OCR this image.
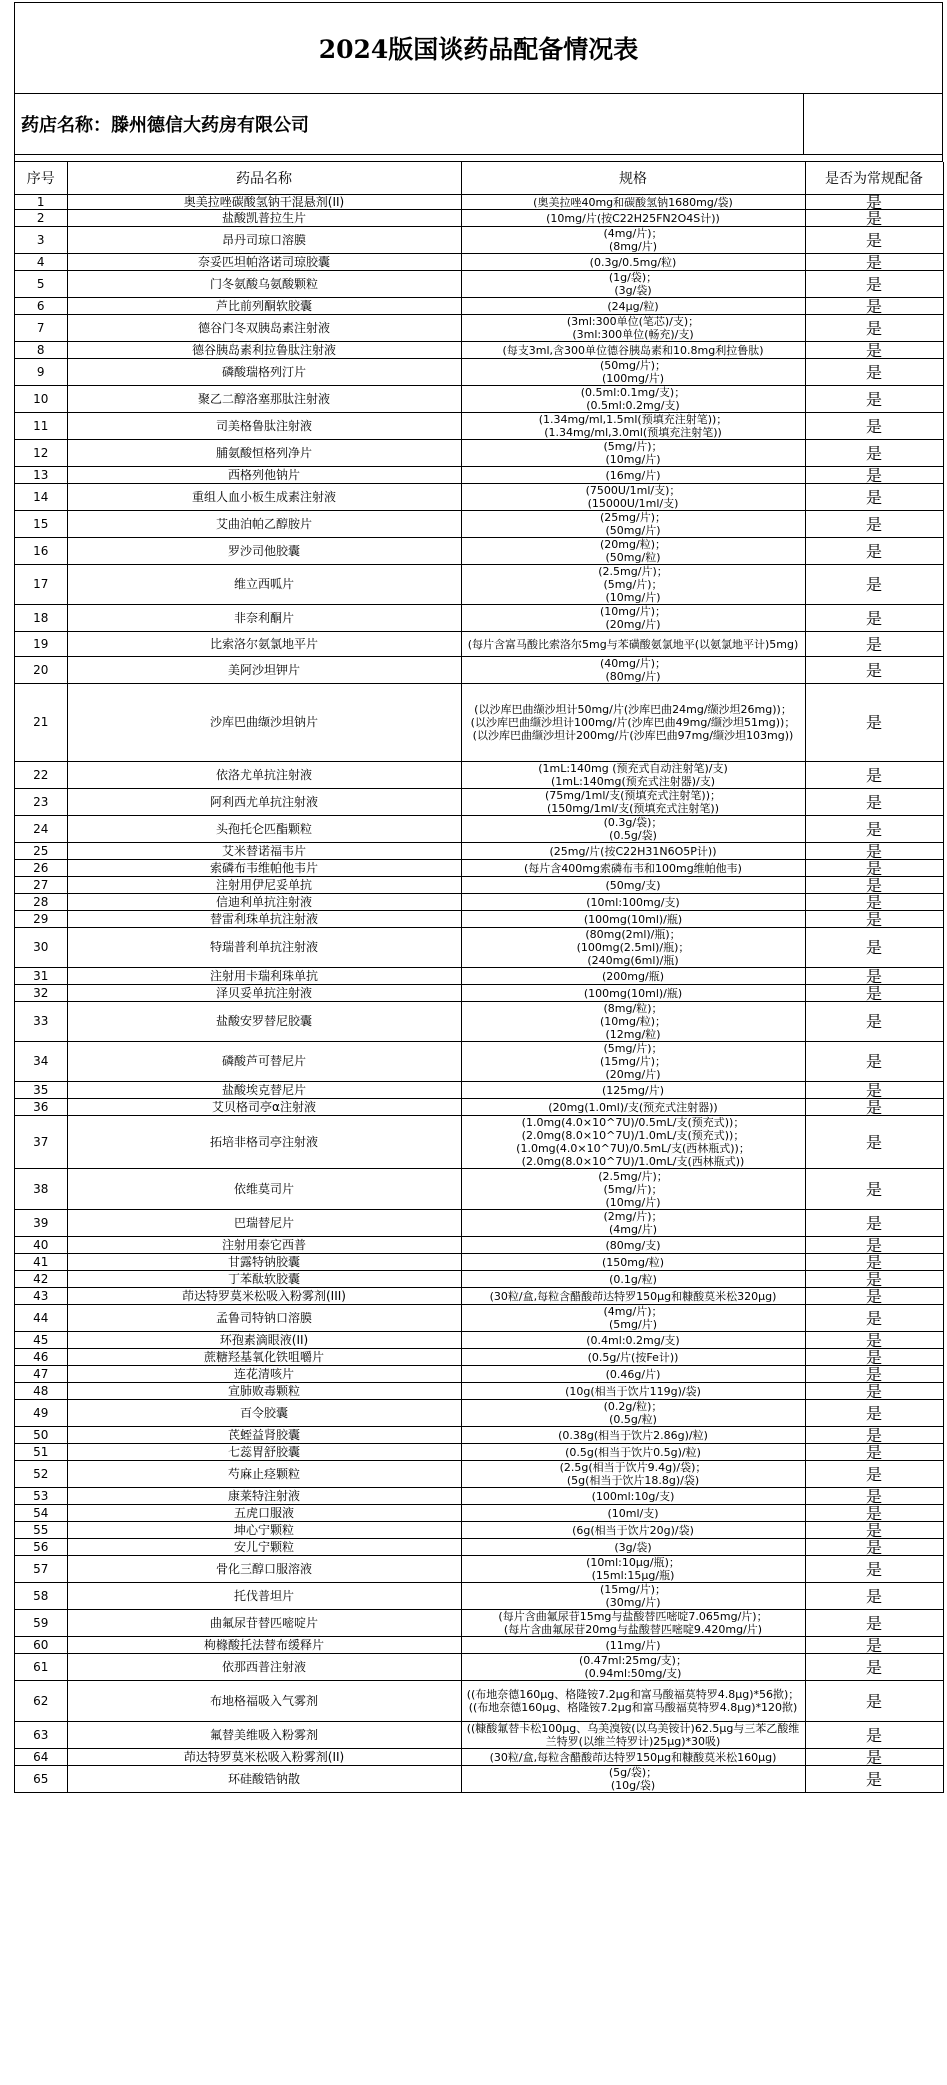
2024版国谈药品配备情况表
药店名称： 滕州德信大药房有限公司
序号	药品名称	规格	是否为常规配备
1	奥美拉唑碳酸氢钠干混悬剂(II)	(奥美拉唑40mg和碳酸氢钠1680mg/袋)	是
2	盐酸凯普拉生片	(10mg/片(按C22H25FN2O4S计))	是
3	昂丹司琼口溶膜	(4mg/片)；
(8mg/片)	是
4	奈妥匹坦帕洛诺司琼胶囊	(0.3g/0.5mg/粒)	是
5	门冬氨酸乌氨酸颗粒	(1g/袋)；
(3g/袋)	是
6	芦比前列酮软胶囊	(24μg/粒)	是
7	德谷门冬双胰岛素注射液	(3ml:300单位(笔芯)/支)；
(3ml:300单位(畅充)/支)	是
8	德谷胰岛素利拉鲁肽注射液	(每支3ml,含300单位德谷胰岛素和10.8mg利拉鲁肽)	是
9	磷酸瑞格列汀片	(50mg/片)；
(100mg/片)	是
10	聚乙二醇洛塞那肽注射液	(0.5ml:0.1mg/支)；
(0.5ml:0.2mg/支)	是
11	司美格鲁肽注射液	(1.34mg/ml,1.5ml(预填充注射笔))；
(1.34mg/ml,3.0ml(预填充注射笔))	是
12	脯氨酸恒格列净片	(5mg/片)；
(10mg/片)	是
13	西格列他钠片	(16mg/片)	是
14	重组人血小板生成素注射液	(7500U/1ml/支)；
(15000U/1ml/支)	是
15	艾曲泊帕乙醇胺片	(25mg/片)；
(50mg/片)	是
16	罗沙司他胶囊	(20mg/粒)；
(50mg/粒)	是
17	维立西呱片	(2.5mg/片)；
(5mg/片)；
(10mg/片)	是
18	非奈利酮片	(10mg/片)；
(20mg/片)	是
19	比索洛尔氨氯地平片	(每片含富马酸比索洛尔5mg与苯磺酸氨氯地平(以氨氯地平计)5mg)	是
20	美阿沙坦钾片	(40mg/片)；
(80mg/片)	是
21	沙库巴曲缬沙坦钠片	(以沙库巴曲缬沙坦计50mg/片(沙库巴曲24mg/缬沙坦26mg))；
(以沙库巴曲缬沙坦计100mg/片(沙库巴曲49mg/缬沙坦51mg))；
(以沙库巴曲缬沙坦计200mg/片(沙库巴曲97mg/缬沙坦103mg))	是
22	依洛尤单抗注射液	(1mL:140mg (预充式自动注射笔)/支)
(1mL:140mg(预充式注射器)/支)	是
23	阿利西尤单抗注射液	(75mg/1ml/支(预填充式注射笔))；
(150mg/1ml/支(预填充式注射笔))	是
24	头孢托仑匹酯颗粒	(0.3g/袋)；
(0.5g/袋)	是
25	艾米替诺福韦片	(25mg/片(按C22H31N6O5P计))	是
26	索磷布韦维帕他韦片	(每片含400mg索磷布韦和100mg维帕他韦)	是
27	注射用伊尼妥单抗	(50mg/支)	是
28	信迪利单抗注射液	(10ml:100mg/支)	是
29	替雷利珠单抗注射液	(100mg(10ml)/瓶)	是
30	特瑞普利单抗注射液	(80mg(2ml)/瓶)；
(100mg(2.5ml)/瓶)；
(240mg(6ml)/瓶)	是
31	注射用卡瑞利珠单抗	(200mg/瓶)	是
32	泽贝妥单抗注射液	(100mg(10ml)/瓶)	是
33	盐酸安罗替尼胶囊	(8mg/粒)；
(10mg/粒)；
(12mg/粒)	是
34	磷酸芦可替尼片	(5mg/片)；
(15mg/片)；
(20mg/片)	是
35	盐酸埃克替尼片	(125mg/片)	是
36	艾贝格司亭α注射液	(20mg(1.0ml)/支(预充式注射器))	是
37	拓培非格司亭注射液	(1.0mg(4.0×10^7U)/0.5mL/支(预充式))；
(2.0mg(8.0×10^7U)/1.0mL/支(预充式))；
(1.0mg(4.0×10^7U)/0.5mL/支(西林瓶式))；
(2.0mg(8.0×10^7U)/1.0mL/支(西林瓶式))	是
38	依维莫司片	(2.5mg/片)；
(5mg/片)；
(10mg/片)	是
39	巴瑞替尼片	(2mg/片)；
(4mg/片)	是
40	注射用泰它西普	(80mg/支)	是
41	甘露特钠胶囊	(150mg/粒)	是
42	丁苯酞软胶囊	(0.1g/粒)	是
43	茚达特罗莫米松吸入粉雾剂(III)	(30粒/盒,每粒含醋酸茚达特罗150μg和糠酸莫米松320μg)	是
44	孟鲁司特钠口溶膜	(4mg/片)；
(5mg/片)	是
45	环孢素滴眼液(II)	(0.4ml:0.2mg/支)	是
46	蔗糖羟基氧化铁咀嚼片	(0.5g/片(按Fe计))	是
47	连花清咳片	(0.46g/片)	是
48	宣肺败毒颗粒	(10g(相当于饮片119g)/袋)	是
49	百令胶囊	(0.2g/粒)；
(0.5g/粒)	是
50	芪蛭益肾胶囊	(0.38g(相当于饮片2.86g)/粒)	是
51	七蕊胃舒胶囊	(0.5g(相当于饮片0.5g)/粒)	是
52	芍麻止痉颗粒	(2.5g(相当于饮片9.4g)/袋)；
(5g(相当于饮片18.8g)/袋)	是
53	康莱特注射液	(100ml:10g/支)	是
54	五虎口服液	(10ml/支)	是
55	坤心宁颗粒	(6g(相当于饮片20g)/袋)	是
56	安儿宁颗粒	(3g/袋)	是
57	骨化三醇口服溶液	(10ml:10μg/瓶)；
(15ml:15μg/瓶)	是
58	托伐普坦片	(15mg/片)；
(30mg/片)	是
59	曲氟尿苷替匹嘧啶片	(每片含曲氟尿苷15mg与盐酸替匹嘧啶7.065mg/片)；
(每片含曲氟尿苷20mg与盐酸替匹嘧啶9.420mg/片)	是
60	枸橼酸托法替布缓释片	(11mg/片)	是
61	依那西普注射液	(0.47ml:25mg/支)；
(0.94ml:50mg/支)	是
62	布地格福吸入气雾剂	((布地奈德160μg、格隆铵7.2μg和富马酸福莫特罗4.8μg)*56揿)；
((布地奈德160μg、格隆铵7.2μg和富马酸福莫特罗4.8μg)*120揿)	是
63	氟替美维吸入粉雾剂	((糠酸氟替卡松100μg、乌美溴铵(以乌美铵计)62.5μg与三苯乙酸维兰特罗(以维兰特罗计)25μg)*30吸)	是
64	茚达特罗莫米松吸入粉雾剂(II)	(30粒/盒,每粒含醋酸茚达特罗150μg和糠酸莫米松160μg)	是
65	环硅酸锆钠散	(5g/袋)；
(10g/袋)	是
